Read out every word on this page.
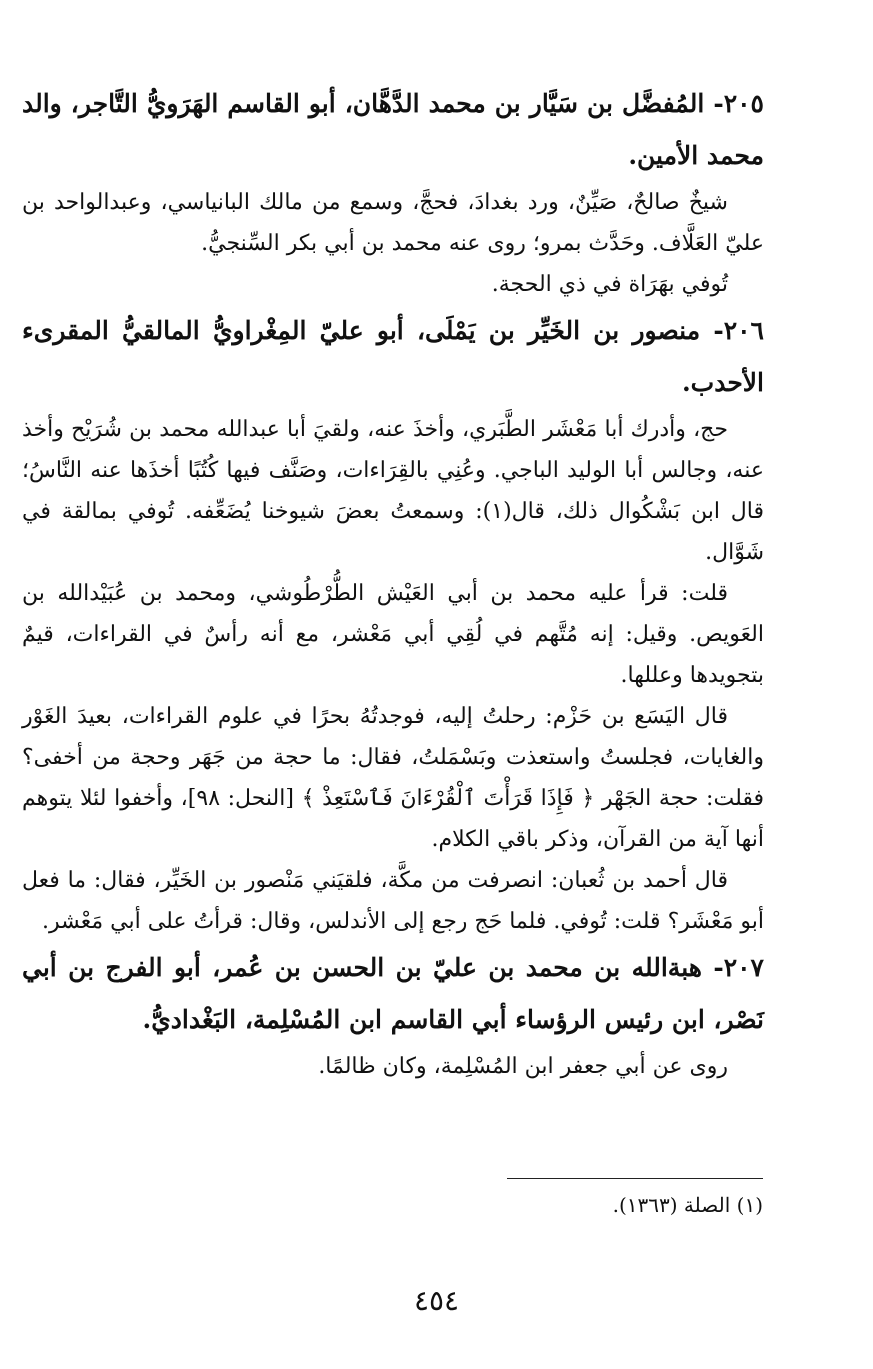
٢٠٥- المُفضَّل بن سَيَّار بن محمد الدَّهَّان، أبو القاسم الهَرَويُّ التَّاجر، والد محمد الأمين.

شيخٌ صالحٌ، صَيِّنٌ، ورد بغدادَ، فحجَّ، وسمع من مالك البانياسي، وعبدالواحد بن عليّ العَلَّاف. وحَدَّث بمرو؛ روى عنه محمد بن أبي بكر السِّنجيُّ.

تُوفي بهَرَاة في ذي الحجة.

٢٠٦- منصور بن الخَيِّر بن يَمْلَى، أبو عليّ المِغْراويُّ المالقيُّ المقرىء الأحدب.

حج، وأدرك أبا مَعْشَر الطَّبَري، وأخذَ عنه، ولقيَ أبا عبدالله محمد بن شُرَيْح وأخذ عنه، وجالس أبا الوليد الباجي. وعُنِي بالقِرَاءات، وصَنَّف فيها كُتُبًا أخذَها عنه النَّاسُ؛ قال ابن بَشْكُوال ذلك، قال(١): وسمعتُ بعضَ شيوخنا يُضَعِّفه. تُوفي بمالقة في شَوَّال.

قلت: قرأ عليه محمد بن أبي العَيْش الطُّرْطُوشي، ومحمد بن عُبَيْدالله بن العَويص. وقيل: إنه مُتَّهم في لُقِي أبي مَعْشر، مع أنه رأسٌ في القراءات، قيمٌ بتجويدها وعللها.

قال اليَسَع بن حَزْم: رحلتُ إليه، فوجدتُهُ بحرًا في علوم القراءات، بعيدَ الغَوْر والغايات، فجلستُ واستعذت وبَسْمَلتُ، فقال: ما حجة من جَهَر وحجة من أخفى؟ فقلت: حجة الجَهْر ﴿ فَإِذَا قَرَأْتَ ٱلْقُرْءَانَ فَٱسْتَعِذْ ﴾ [النحل: ٩٨]، وأخفوا لئلا يتوهم أنها آية من القرآن، وذكر باقي الكلام.

قال أحمد بن ثُعبان: انصرفت من مكَّة، فلقيَني مَنْصور بن الخَيِّر، فقال: ما فعل أبو مَعْشَر؟ قلت: تُوفي. فلما حَج رجع إلى الأندلس، وقال: قرأتُ على أبي مَعْشر.

٢٠٧- هبةالله بن محمد بن عليّ بن الحسن بن عُمر، أبو الفرج بن أبي نَصْر، ابن رئيس الرؤساء أبي القاسم ابن المُسْلِمة، البَغْداديُّ.

روى عن أبي جعفر ابن المُسْلِمة، وكان ظالمًا.

(١) الصلة (١٣٦٣).
٤٥٤
